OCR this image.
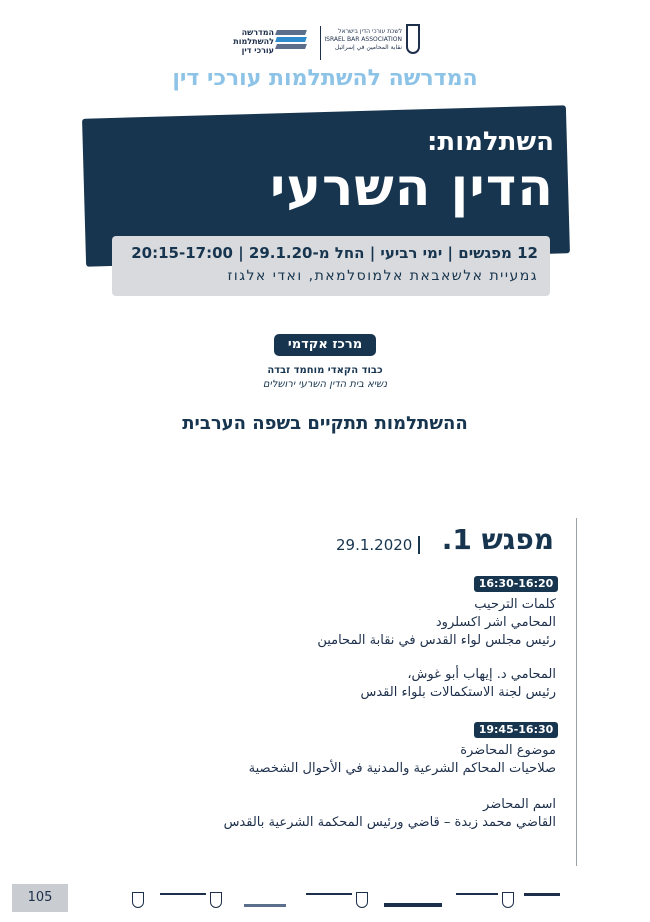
המדרשה להשתלמות עורכי דין
לשכת עורכי הדין בישראל
ISRAEL BAR ASSOCIATION
نقابة المحامين في إسرائيل
המדרשה להשתלמות עורכי דין
השתלמות:
הדין השרעי
12 מפגשים | ימי רביעי | החל מ-29.1.20 | 20:15-17:00
גמעיית אלשאבאת אלמוסלמאת, ואדי אלגוז
מרכז אקדמי
כבוד הקאדי מוחמד זבדה
נשיא בית הדין השרעי ירושלים
ההשתלמות תתקיים בשפה הערבית
מפגש 1.
29.1.2020
16:30-16:20
كلمات الترحيب
المحامي اشر اكسلرود
رئيس مجلس لواء القدس في نقابة المحامين
المحامي د. إيهاب أبو غوش،
رئيس لجنة الاستكمالات بلواء القدس
19:45-16:30
موضوع المحاضرة
صلاحيات المحاكم الشرعية والمدنية في الأحوال الشخصية
اسم المحاضر
القاضي محمد زبدة – قاضي ورئيس المحكمة الشرعية بالقدس
105
